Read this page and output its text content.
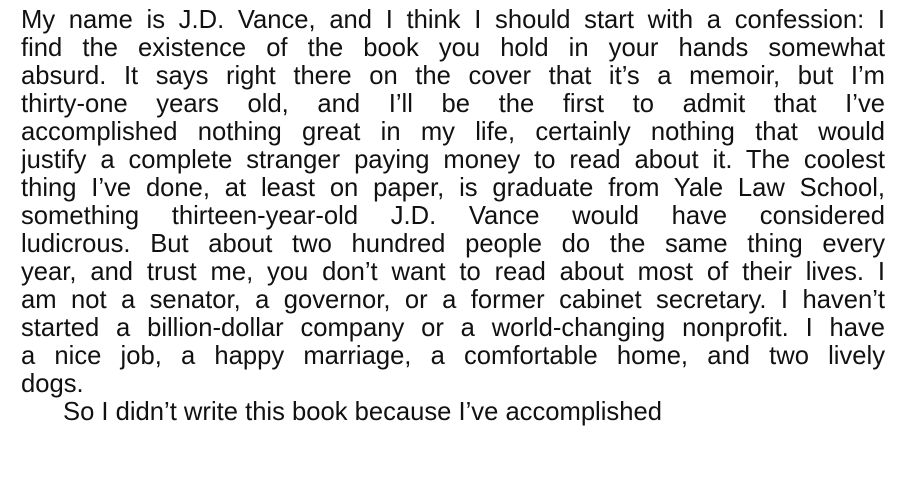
My name is J.D. Vance, and I think I should start with a confession: I
find the existence of the book you hold in your hands somewhat
absurd. It says right there on the cover that it’s a memoir, but I’m
thirty-one years old, and I’ll be the first to admit that I’ve
accomplished nothing great in my life, certainly nothing that would
justify a complete stranger paying money to read about it. The coolest
thing I’ve done, at least on paper, is graduate from Yale Law School,
something thirteen-year-old J.D. Vance would have considered
ludicrous. But about two hundred people do the same thing every
year, and trust me, you don’t want to read about most of their lives. I
am not a senator, a governor, or a former cabinet secretary. I haven’t
started a billion-dollar company or a world-changing nonprofit. I have
a nice job, a happy marriage, a comfortable home, and two lively
dogs.
So I didn’t write this book because I’ve accomplished
